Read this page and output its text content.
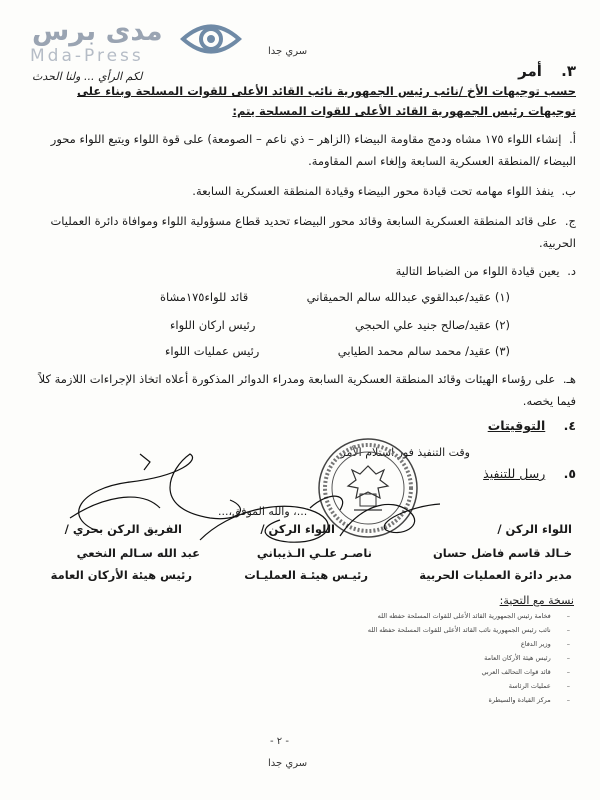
مدى برس
Mda-Press
لكم الرأي ... ولنا الحدث
سري جدا
٣. أمر
حسب توجيهات الأخ /نائب رئيس الجمهورية نائب القائد الأعلى للقوات المسلحة وبناء على
توجيهات رئيس الجمهورية القائد الأعلى للقوات المسلحة يتم:
أ. إنشاء اللواء ١٧٥ مشاه ودمج مقاومة البيضاء (الزاهر – ذي ناعم – الصومعة) على قوة اللواء ويتبع اللواء محور البيضاء /المنطقة العسكرية السابعة وإلغاء اسم المقاومة.
ب. ينفذ اللواء مهامه تحت قيادة محور البيضاء وقيادة المنطقة العسكرية السابعة.
ج. على قائد المنطقة العسكرية السابعة وقائد محور البيضاء تحديد قطاع مسؤولية اللواء وموافاة دائرة العمليات الحربية.
د. يعين قيادة اللواء من الضباط التالية
(١) عقيد/عبدالقوي عبدالله سالم الحميقاني
قائد للواء١٧٥مشاة
(٢) عقيد/صالح جنيد علي الحبجي
رئيس اركان اللواء
(٣) عقيد/ محمد سالم محمد الطيابي
رئيس عمليات اللواء
هـ. على رؤساء الهيئات وقائد المنطقة العسكرية السابعة ومدراء الدوائر المذكورة أعلاه اتخاذ الإجراءات اللازمة كلاً فيما يخصه.
٤. التوقيتات
وقت التنفيذ فور استلام الأمر
٥. رسل للتنفيذ
...، والله الموفق،...
اللواء الركن /
خـالد قاسم فاضل حسان
مدير دائرة العمليات الحربية
اللواء الركن /
ناصـر علـي الـذيباني
رئيـس هيئـة العمليـات
الفريق الركن بحري /
عبد الله سـالم النخعي
رئيس هيئة الأركان العامة
نسخة مع التحية:
–فخامة رئيس الجمهورية القائد الأعلى للقوات المسلحة حفظه الله
–نائب رئيس الجمهورية نائب القائد الأعلى للقوات المسلحة حفظه الله
–وزير الدفاع
–رئيس هيئة الأركان العامة
–قائد قوات التحالف العربي
–عمليات الرئاسة
–مركز القيادة والسيطرة
- ٢ -
سري جدا
